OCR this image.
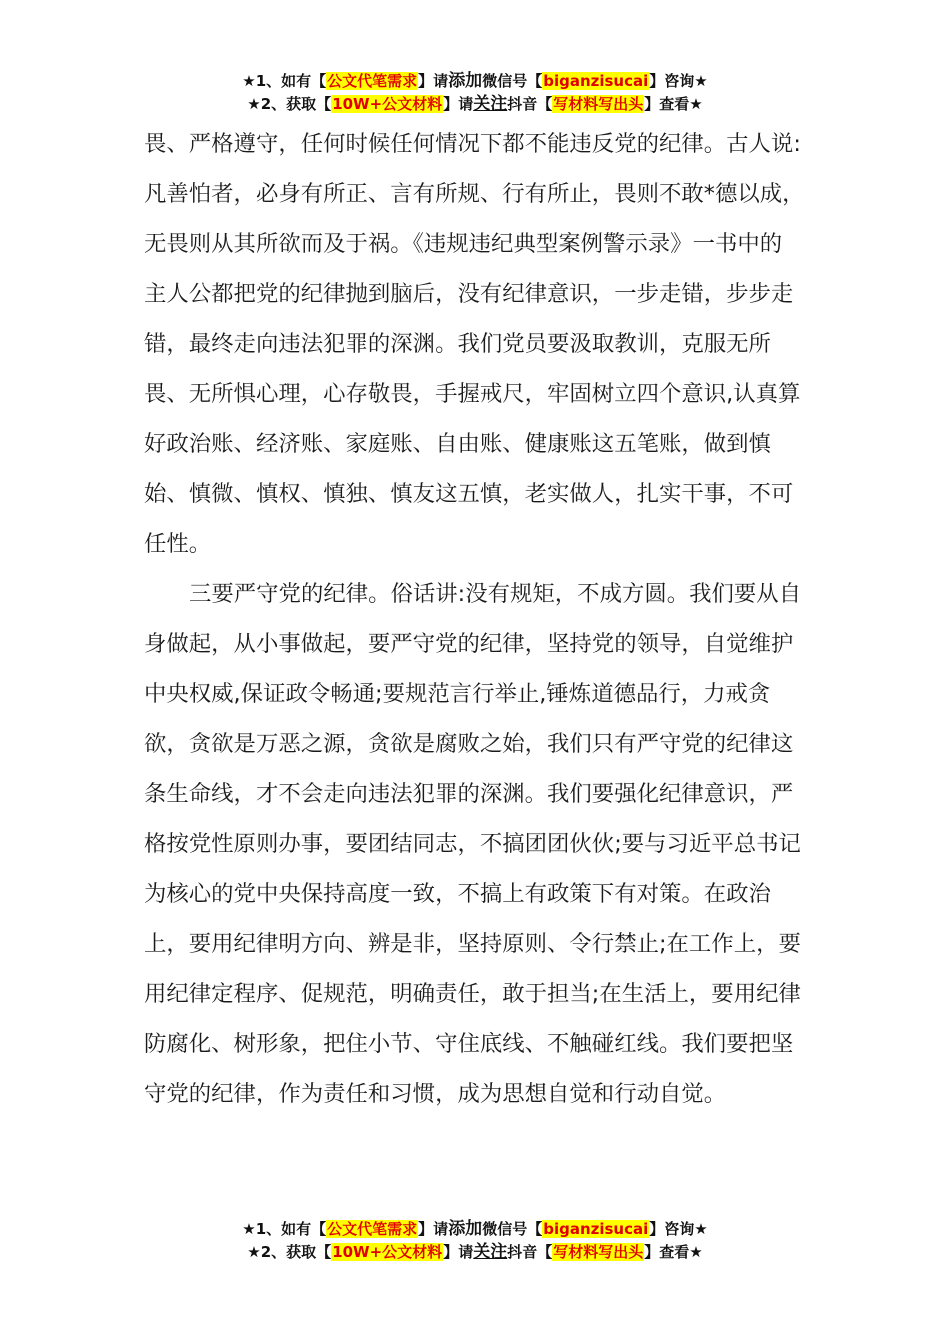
★1、如有【公文代笔需求】请添加微信号【biganzisucai】咨询★
★2、获取【10W+公文材料】请关注抖音【写材料写出头】查看★
畏、严格遵守，任何时候任何情况下都不能违反党的纪律。古人说:
凡善怕者，必身有所正、言有所规、行有所止，畏则不敢*德以成，
无畏则从其所欲而及于祸。《违规违纪典型案例警示录》一书中的
主人公都把党的纪律抛到脑后，没有纪律意识，一步走错，步步走
错，最终走向违法犯罪的深渊。我们党员要汲取教训，克服无所
畏、无所惧心理，心存敬畏，手握戒尺，牢固树立四个意识,认真算
好政治账、经济账、家庭账、自由账、健康账这五笔账，做到慎
始、慎微、慎权、慎独、慎友这五慎，老实做人，扎实干事，不可
任性。
三要严守党的纪律。俗话讲:没有规矩，不成方圆。我们要从自
身做起，从小事做起，要严守党的纪律，坚持党的领导，自觉维护
中央权威,保证政令畅通;要规范言行举止,锤炼道德品行，力戒贪
欲，贪欲是万恶之源，贪欲是腐败之始，我们只有严守党的纪律这
条生命线，才不会走向违法犯罪的深渊。我们要强化纪律意识，严
格按党性原则办事，要团结同志，不搞团团伙伙;要与习近平总书记
为核心的党中央保持高度一致，不搞上有政策下有对策。在政治
上，要用纪律明方向、辨是非，坚持原则、令行禁止;在工作上，要
用纪律定程序、促规范，明确责任，敢于担当;在生活上，要用纪律
防腐化、树形象，把住小节、守住底线、不触碰红线。我们要把坚
守党的纪律，作为责任和习惯，成为思想自觉和行动自觉。
★1、如有【公文代笔需求】请添加微信号【biganzisucai】咨询★
★2、获取【10W+公文材料】请关注抖音【写材料写出头】查看★
